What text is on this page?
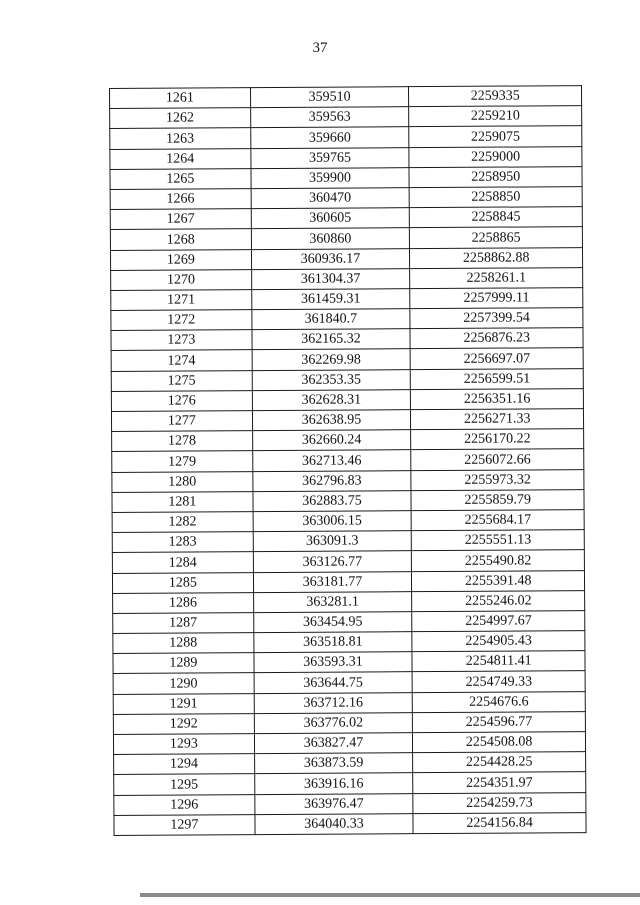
37
1261	359510	2259335
1262	359563	2259210
1263	359660	2259075
1264	359765	2259000
1265	359900	2258950
1266	360470	2258850
1267	360605	2258845
1268	360860	2258865
1269	360936.17	2258862.88
1270	361304.37	2258261.1
1271	361459.31	2257999.11
1272	361840.7	2257399.54
1273	362165.32	2256876.23
1274	362269.98	2256697.07
1275	362353.35	2256599.51
1276	362628.31	2256351.16
1277	362638.95	2256271.33
1278	362660.24	2256170.22
1279	362713.46	2256072.66
1280	362796.83	2255973.32
1281	362883.75	2255859.79
1282	363006.15	2255684.17
1283	363091.3	2255551.13
1284	363126.77	2255490.82
1285	363181.77	2255391.48
1286	363281.1	2255246.02
1287	363454.95	2254997.67
1288	363518.81	2254905.43
1289	363593.31	2254811.41
1290	363644.75	2254749.33
1291	363712.16	2254676.6
1292	363776.02	2254596.77
1293	363827.47	2254508.08
1294	363873.59	2254428.25
1295	363916.16	2254351.97
1296	363976.47	2254259.73
1297	364040.33	2254156.84
